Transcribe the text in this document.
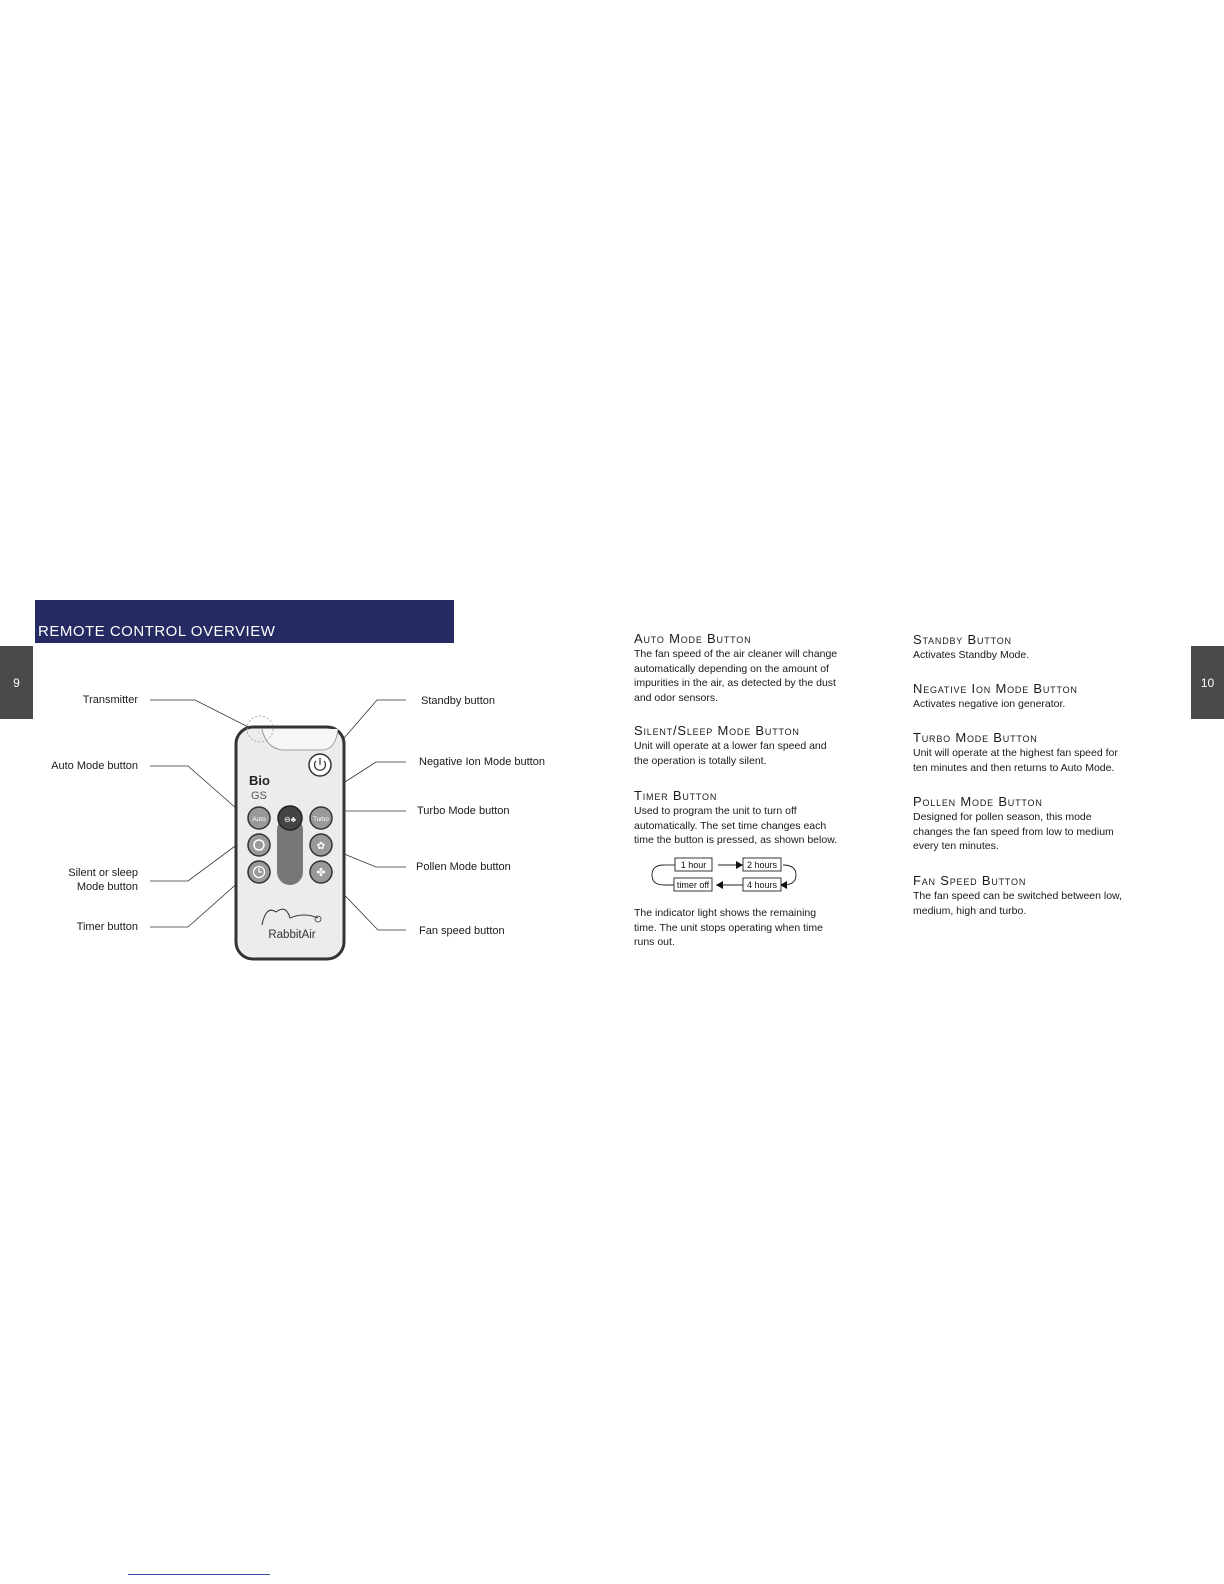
REMOTE CONTROL OVERVIEW
9	10
Bio
GS
⊖♣
Auto	Turbo
✿
✤
RabbitAir
Transmitter
Auto Mode button
Silent or sleep
Mode button
Timer button
Standby button
Negative Ion Mode button
Turbo Mode button
Pollen Mode button
Fan speed button
Auto Mode Button
The fan speed of the air cleaner will change
automatically depending on the amount of
impurities in the air, as detected by the dust
and odor sensors.
Silent/Sleep Mode Button
Unit will operate at a lower fan speed and
the operation is totally silent.
Timer Button
Used to program the unit to turn off
automatically. The set time changes each
time the button is pressed, as shown below.
1 hour	2 hours
timer off	4 hours
The indicator light shows the remaining
time. The unit stops operating when time
runs out.
Standby Button
Activates Standby Mode.
Negative Ion Mode Button
Activates negative ion generator.
Turbo Mode Button
Unit will operate at the highest fan speed for
ten minutes and then returns to Auto Mode.
Pollen Mode Button
Designed for pollen season, this mode
changes the fan speed from low to medium
every ten minutes.
Fan Speed Button
The fan speed can be switched between low,
medium, high and turbo.
